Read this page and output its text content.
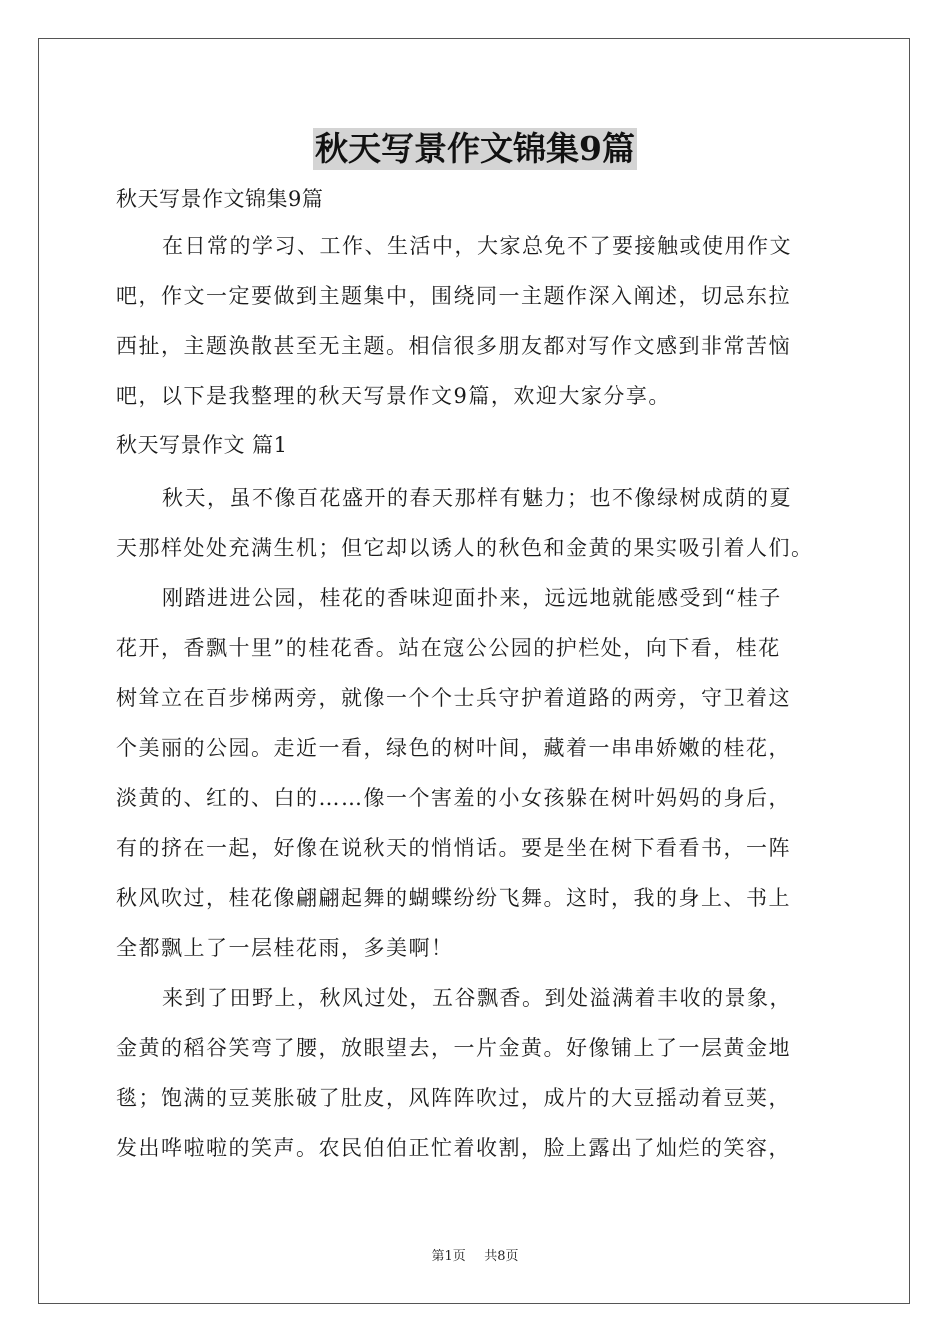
秋天写景作文锦集9篇
秋天写景作文锦集9篇
在日常的学习、工作、生活中，大家总免不了要接触或使用作文
吧，作文一定要做到主题集中，围绕同一主题作深入阐述，切忌东拉
西扯，主题涣散甚至无主题。相信很多朋友都对写作文感到非常苦恼
吧，以下是我整理的秋天写景作文9篇，欢迎大家分享。
秋天写景作文 篇1
秋天，虽不像百花盛开的春天那样有魅力；也不像绿树成荫的夏
天那样处处充满生机；但它却以诱人的秋色和金黄的果实吸引着人们。
刚踏进进公园，桂花的香味迎面扑来，远远地就能感受到“桂子
花开，香飘十里”的桂花香。站在寇公公园的护栏处，向下看，桂花
树耸立在百步梯两旁，就像一个个士兵守护着道路的两旁，守卫着这
个美丽的公园。走近一看，绿色的树叶间，藏着一串串娇嫩的桂花，
淡黄的、红的、白的……像一个害羞的小女孩躲在树叶妈妈的身后，
有的挤在一起，好像在说秋天的悄悄话。要是坐在树下看看书，一阵
秋风吹过，桂花像翩翩起舞的蝴蝶纷纷飞舞。这时，我的身上、书上
全都飘上了一层桂花雨，多美啊！
来到了田野上，秋风过处，五谷飘香。到处溢满着丰收的景象，
金黄的稻谷笑弯了腰，放眼望去，一片金黄。好像铺上了一层黄金地
毯；饱满的豆荚胀破了肚皮，风阵阵吹过，成片的大豆摇动着豆荚，
发出哗啦啦的笑声。农民伯伯正忙着收割，脸上露出了灿烂的笑容，
第1页 共8页
